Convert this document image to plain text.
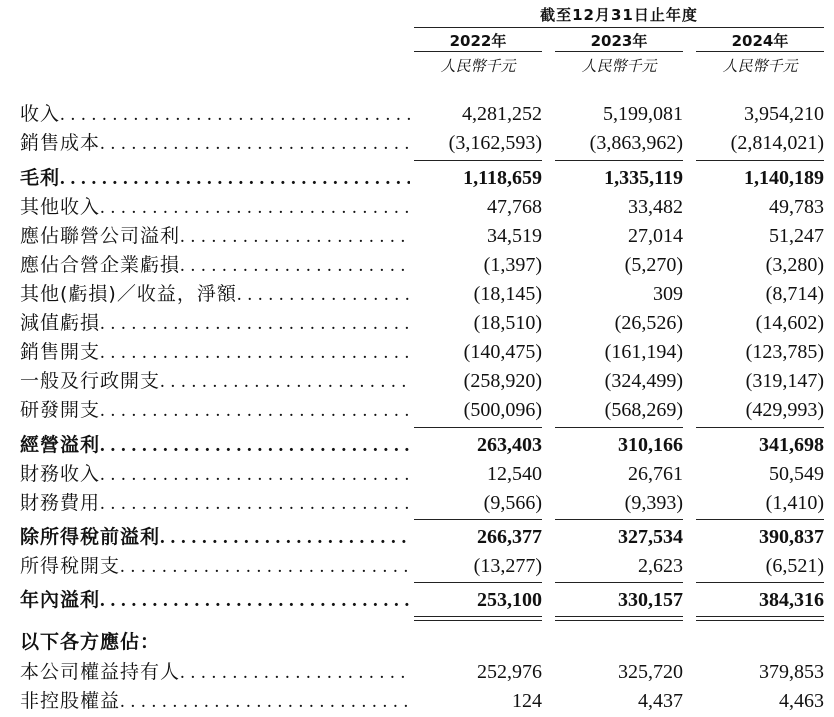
截至12月31日止年度
2022年	2023年	2024年
人民幣千元	人民幣千元	人民幣千元
收入 . . .	4,281,252	5,199,081	3,954,210
銷售成本 . . .	(3,162,593)	(3,863,962)	(2,814,021)
毛利 . . .	1,118,659	1,335,119	1,140,189
其他收入 . . .	47,768	33,482	49,783
應佔聯營公司溢利 . . .	34,519	27,014	51,247
應佔合營企業虧損 . . .	(1,397)	(5,270)	(3,280)
其他(虧損)／收益，淨額 . . .	(18,145)	309	(8,714)
減值虧損 . . .	(18,510)	(26,526)	(14,602)
銷售開支 . . .	(140,475)	(161,194)	(123,785)
一般及行政開支 . . .	(258,920)	(324,499)	(319,147)
研發開支 . . .	(500,096)	(568,269)	(429,993)
經營溢利 . . .	263,403	310,166	341,698
財務收入 . . .	12,540	26,761	50,549
財務費用 . . .	(9,566)	(9,393)	(1,410)
除所得稅前溢利 . . .	266,377	327,534	390,837
所得稅開支 . . .	(13,277)	2,623	(6,521)
年內溢利 . . .	253,100	330,157	384,316
以下各方應佔：
本公司權益持有人 . . .	252,976	325,720	379,853
非控股權益 . . .	124	4,437	4,463
